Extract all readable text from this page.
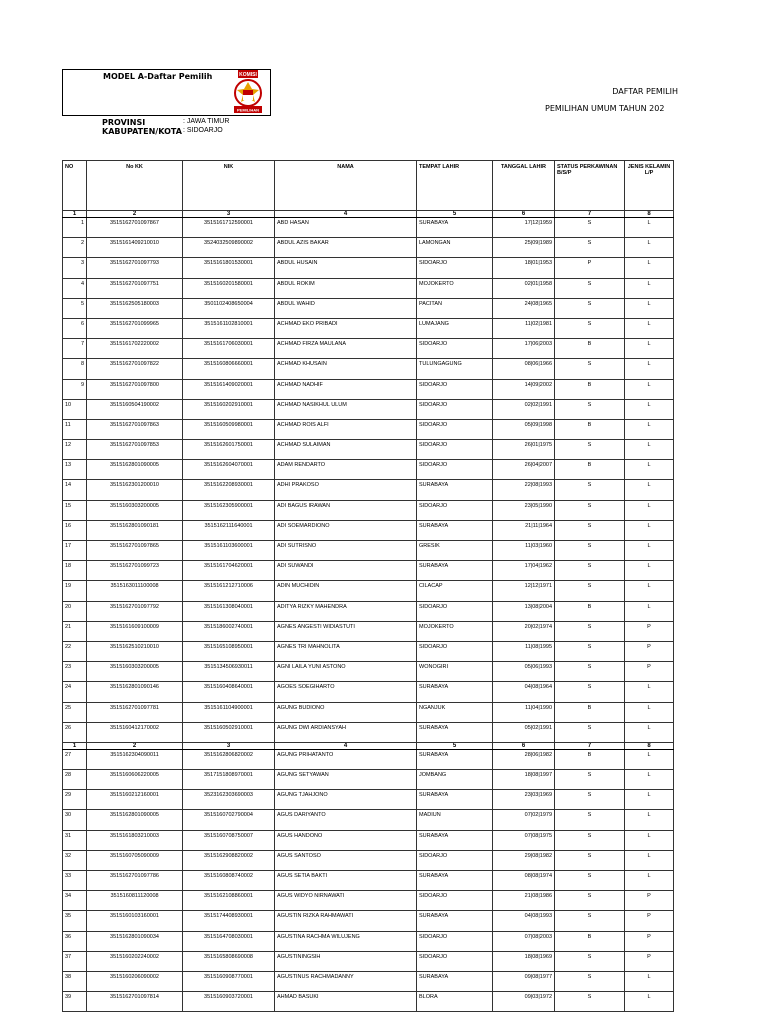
MODEL A-Daftar Pemilih	KOMISI
PEMILIHAN
DAFTAR PEMILIH
PEMILIHAN UMUM TAHUN 202
PROVINSI	: JAWA TIMUR
KABUPATEN/KOTA : SIDOARJO
NO	No KK	NIK	NAMA	TEMPAT LAHIR	TANGGAL LAHIR	STATUS PERKAWINAN B/S/P	JENIS KELAMIN L/P
1	2	3	4	5	6	7	8
1	3515162701097867	3515161712590001	ABD HASAN	SURABAYA	17|12|1959	S	L
2	3515161409210010	3524032509890002	ABDUL AZIS BAKAR	LAMONGAN	25|09|1989	S	L
3	3515162701097793	3515161801530001	ABDUL HUSAIN	SIDOARJO	18|01|1953	P	L
4	3515162701097751	3515160201580001	ABDUL ROKIM	MOJOKERTO	02|01|1958	S	L
5	3515162505180003	3501102408650004	ABDUL WAHID	PACITAN	24|08|1965	S	L
6	3515162701099965	3515161102810001	ACHMAD EKO PRIBADI	LUMAJANG	11|02|1981	S	L
7	3515161702220002	3515161706030001	ACHMAD FIRZA MAULANA	SIDOARJO	17|06|2003	B	L
8	3515162701097822	3515160806660001	ACHMAD KHUSAIN	TULUNGAGUNG	08|06|1966	S	L
9	3515162701097800	3515161409020001	ACHMAD NADHIF	SIDOARJO	14|09|2002	B	L
10	3515160504190002	3515160202910001	ACHMAD NASIKHUL ULUM	SIDOARJO	02|02|1991	S	L
11	3515162701097863	3515160509980001	ACHMAD ROIS ALFI	SIDOARJO	05|09|1998	B	L
12	3515162701097853	3515162601750001	ACHMAD SULAIMAN	SIDOARJO	26|01|1975	S	L
13	3515162801090005	3515162604070001	ADAM RENDARTO	SIDOARJO	26|04|2007	B	L
14	3515162301200010	3515162208930001	ADHI PRAKOSO	SURABAYA	22|08|1993	S	L
15	3515160303200005	3515162305900001	ADI BAGUS IRAWAN	SIDOARJO	23|05|1990	S	L
16	3515162801090181	3515162111640001	ADI SOEMARDIONO	SURABAYA	21|11|1964	S	L
17	3515162701097865	3515161103600001	ADI SUTRISNO	GRESIK	11|03|1960	S	L
18	3515162701099723	3515161704620001	ADI SUWANDI	SURABAYA	17|04|1962	S	L
19	3515163011100008	3515161212710006	ADIN MUCHIDIN	CILACAP	12|12|1971	S	L
20	3515162701097792	3515161308040001	ADITYA RIZKY MAHENDRA	SIDOARJO	13|08|2004	B	L
21	3515161609100009	3515186002740001	AGNES ANGESTI WIDIASTUTI	MOJOKERTO	20|02|1974	S	P
22	3515162510210010	3515165108950001	AGNES TRI MAHNOLITA	SIDOARJO	11|08|1995	S	P
23	3515160303200005	3515134506930011	AGNI LAILA YUNI ASTONO	WONOGIRI	05|06|1993	S	P
24	3515162801090146	3515160408640001	AGOES SOEGIHARTO	SURABAYA	04|08|1964	S	L
25	3515162701097781	3515161104900001	AGUNG BUDIONO	NGANJUK	11|04|1990	B	L
26	3515160412170002	3515160502910001	AGUNG DWI ARDIANSYAH	SURABAYA	05|02|1991	S	L
1	2	3	4	5	6	7	8
27	3515162304090011	3515162806820002	AGUNG PRIHATANTO	SURABAYA	28|06|1982	B	L
28	3515160606220005	3517151808970001	AGUNG SETYAWAN	JOMBANG	18|08|1997	S	L
29	3515160212160001	3523162303690003	AGUNG TJAHJONO	SURABAYA	23|03|1969	S	L
30	3515162801090005	3515160702790004	AGUS DARIYANTO	MADIUN	07|02|1979	S	L
31	3515161803210003	3515160708750007	AGUS HANDONO	SURABAYA	07|08|1975	S	L
32	3515160705090009	3515162908820002	AGUS SANTOSO	SIDOARJO	29|08|1982	S	L
33	3515162701097786	3515160808740002	AGUS SETIA BAKTI	SURABAYA	08|08|1974	S	L
34	3515160811120008	3515162108860001	AGUS WIDYO NIRNAWATI	SIDOARJO	21|08|1986	S	P
35	3515160103160001	3515174408930001	AGUSTIN RIZKA RAHMAWATI	SURABAYA	04|08|1993	S	P
36	3515162801090034	3515164708030001	AGUSTINA RACHMA WILUJENG	SIDOARJO	07|08|2003	B	P
37	3515160202240002	3515165808690008	AGUSTININGSIH	SIDOARJO	18|08|1969	S	P
38	3515160206090002	3515160908770001	AGUSTINUS RACHMADANNY	SURABAYA	09|08|1977	S	L
39	3515162701097814	3515160903720001	AHMAD BASUKI	BLORA	09|03|1972	S	L
